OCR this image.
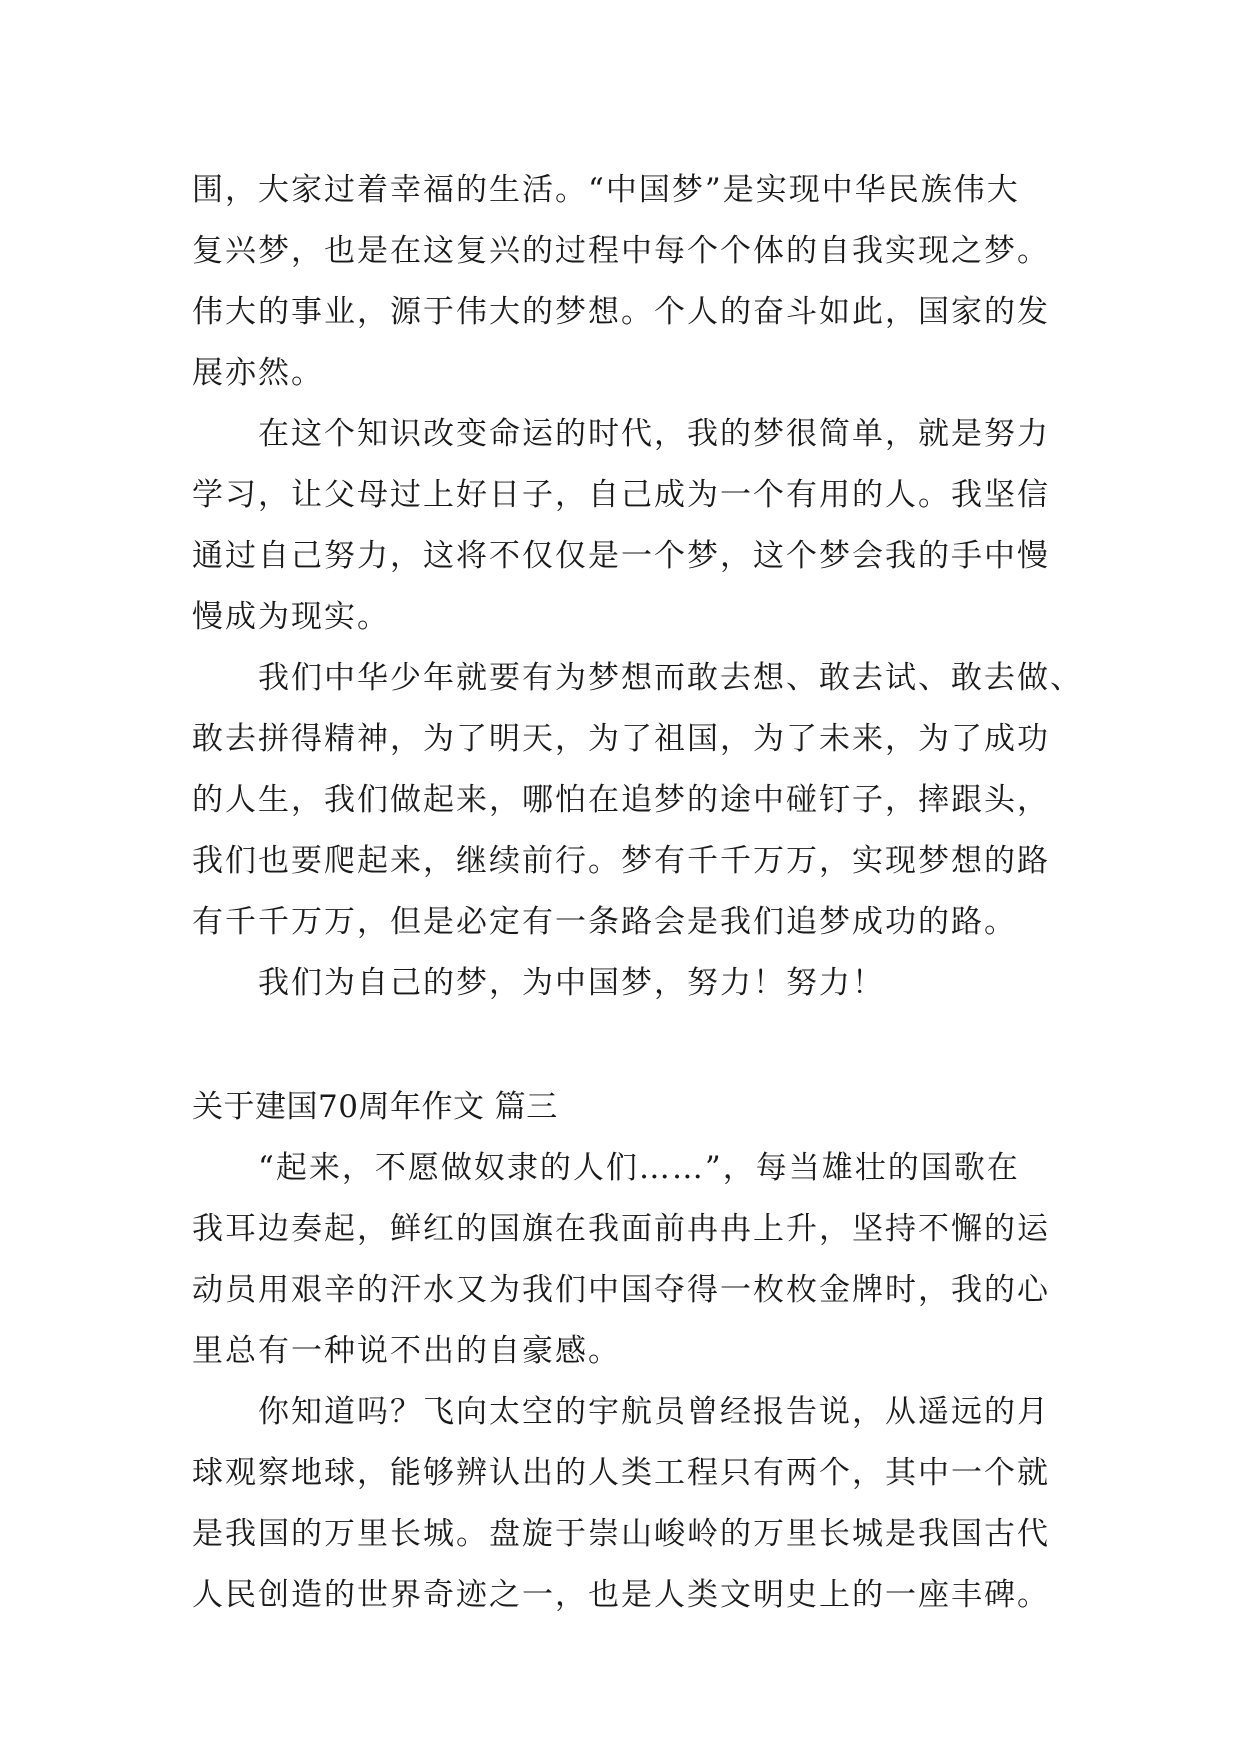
围，大家过着幸福的生活。“中国梦”是实现中华民族伟大
复兴梦，也是在这复兴的过程中每个个体的自我实现之梦。
伟大的事业，源于伟大的梦想。个人的奋斗如此，国家的发
展亦然。
在这个知识改变命运的时代，我的梦很简单，就是努力
学习，让父母过上好日子，自己成为一个有用的人。我坚信
通过自己努力，这将不仅仅是一个梦，这个梦会我的手中慢
慢成为现实。
我们中华少年就要有为梦想而敢去想、敢去试、敢去做、
敢去拼得精神，为了明天，为了祖国，为了未来，为了成功
的人生，我们做起来，哪怕在追梦的途中碰钉子，摔跟头，
我们也要爬起来，继续前行。梦有千千万万，实现梦想的路
有千千万万，但是必定有一条路会是我们追梦成功的路。
我们为自己的梦，为中国梦，努力！努力！
关于建国70周年作文 篇三
“起来，不愿做奴隶的人们……”，每当雄壮的国歌在
我耳边奏起，鲜红的国旗在我面前冉冉上升，坚持不懈的运
动员用艰辛的汗水又为我们中国夺得一枚枚金牌时，我的心
里总有一种说不出的自豪感。
你知道吗？飞向太空的宇航员曾经报告说，从遥远的月
球观察地球，能够辨认出的人类工程只有两个，其中一个就
是我国的万里长城。盘旋于崇山峻岭的万里长城是我国古代
人民创造的世界奇迹之一，也是人类文明史上的一座丰碑。
